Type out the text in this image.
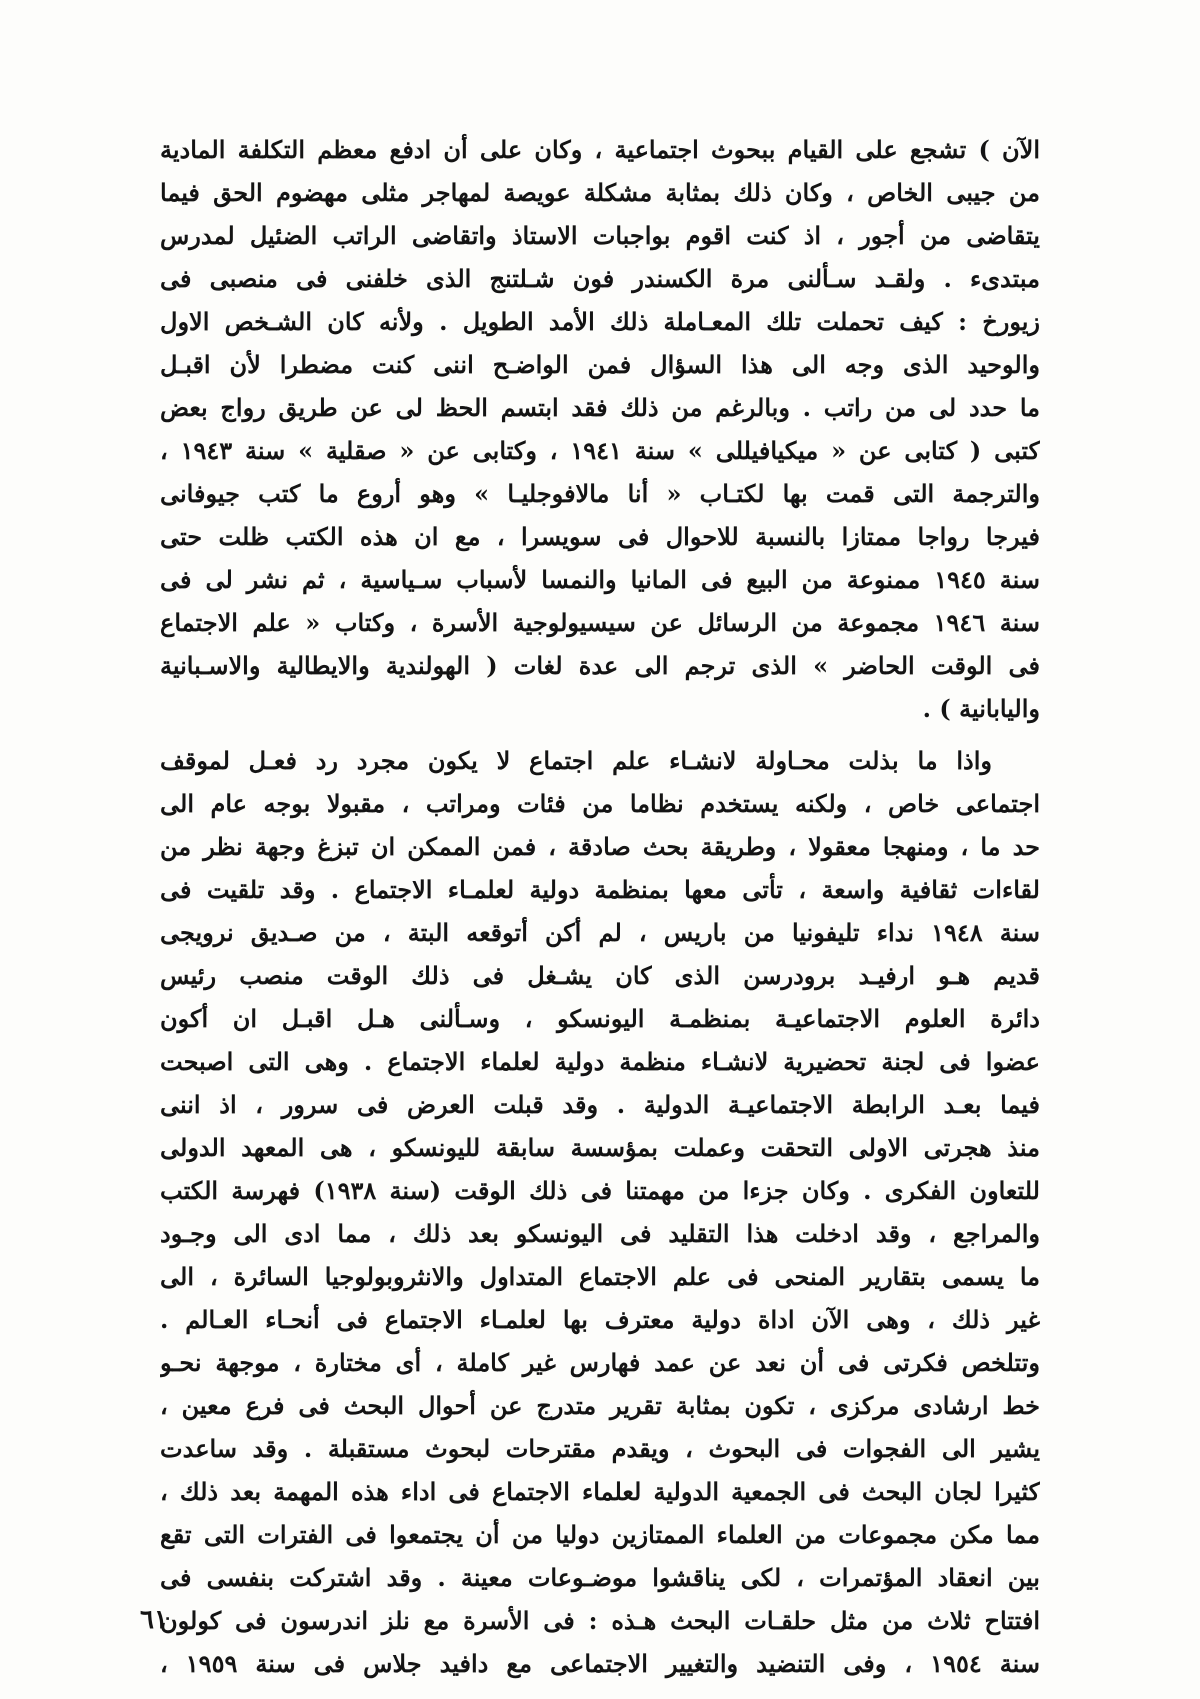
الآن ) تشجع على القيام ببحوث اجتماعية ، وكان على أن ادفع معظم التكلفة المادية
من جيبى الخاص ، وكان ذلك بمثابة مشكلة عويصة لمهاجر مثلى مهضوم الحق فيما
يتقاضى من أجور ، اذ كنت اقوم بواجبات الاستاذ واتقاضى الراتب الضئيل لمدرس
مبتدىء . ولقـد سـألنى مرة الكسندر فون شـلتنج الذى خلفنى فى منصبى فى
زيورخ : كيف تحملت تلك المعـاملة ذلك الأمد الطويل . ولأنه كان الشـخص الاول
والوحيد الذى وجه الى هذا السؤال فمن الواضـح اننى كنت مضطرا لأن اقبـل
ما حدد لى من راتب . وبالرغم من ذلك فقد ابتسم الحظ لى عن طريق رواج بعض
كتبى ( كتابى عن « ميكيافيللى » سنة ١٩٤١ ، وكتابى عن « صقلية » سنة ١٩٤٣ ،
والترجمة التى قمت بها لكتـاب « أنا مالافوجليـا » وهو أروع ما كتب جيوفانى
فيرجا رواجا ممتازا بالنسبة للاحوال فى سويسرا ، مع ان هذه الكتب ظلت حتى
سنة ١٩٤٥ ممنوعة من البيع فى المانيا والنمسا لأسباب سـياسية ، ثم نشر لى فى
سنة ١٩٤٦ مجموعة من الرسائل عن سيسيولوجية الأسرة ، وكتاب « علم الاجتماع
فى الوقت الحاضر » الذى ترجم الى عدة لغات ( الهولندية والايطالية والاسـبانية
واليابانية ) .
واذا ما بذلت محـاولة لانشـاء علم اجتماع لا يكون مجرد رد فعـل لموقف
اجتماعى خاص ، ولكنه يستخدم نظاما من فئات ومراتب ، مقبولا بوجه عام الى
حد ما ، ومنهجا معقولا ، وطريقة بحث صادقة ، فمن الممكن ان تبزغ وجهة نظر من
لقاءات ثقافية واسعة ، تأتى معها بمنظمة دولية لعلمـاء الاجتماع . وقد تلقيت فى
سنة ١٩٤٨ نداء تليفونيا من باريس ، لم أكن أتوقعه البتة ، من صـديق نرويجى
قديم هـو ارفيـد برودرسن الذى كان يشـغل فى ذلك الوقت منصب رئيس
دائرة العلوم الاجتماعيـة بمنظمـة اليونسكو ، وسـألنى هـل اقبـل ان أكون
عضوا فى لجنة تحضيرية لانشـاء منظمة دولية لعلماء الاجتماع . وهى التى اصبحت
فيما بعـد الرابطة الاجتماعيـة الدولية . وقد قبلت العرض فى سرور ، اذ اننى
منذ هجرتى الاولى التحقت وعملت بمؤسسة سابقة لليونسكو ، هى المعهد الدولى
للتعاون الفكرى . وكان جزءا من مهمتنا فى ذلك الوقت (سنة ١٩٣٨) فهرسة الكتب
والمراجع ، وقد ادخلت هذا التقليد فى اليونسكو بعد ذلك ، مما ادى الى وجـود
ما يسمى بتقارير المنحى فى علم الاجتماع المتداول والانثروبولوجيا السائرة ، الى
غير ذلك ، وهى الآن اداة دولية معترف بها لعلمـاء الاجتماع فى أنحـاء العـالم .
وتتلخص فكرتى فى أن نعد عن عمد فهارس غير كاملة ، أى مختارة ، موجهة نحـو
خط ارشادى مركزى ، تكون بمثابة تقرير متدرج عن أحوال البحث فى فرع معين ،
يشير الى الفجوات فى البحوث ، ويقدم مقترحات لبحوث مستقبلة . وقد ساعدت
كثيرا لجان البحث فى الجمعية الدولية لعلماء الاجتماع فى اداء هذه المهمة بعد ذلك ،
مما مكن مجموعات من العلماء الممتازين دوليا من أن يجتمعوا فى الفترات التى تقع
بين انعقاد المؤتمرات ، لكى يناقشوا موضـوعات معينة . وقد اشتركت بنفسى فى
افتتاح ثلاث من مثل حلقـات البحث هـذه : فى الأسرة مع نلز اندرسون فى كولون
سنة ١٩٥٤ ، وفى التنضيد والتغيير الاجتماعى مع دافيد جلاس فى سنة ١٩٥٩ ،
٦١
